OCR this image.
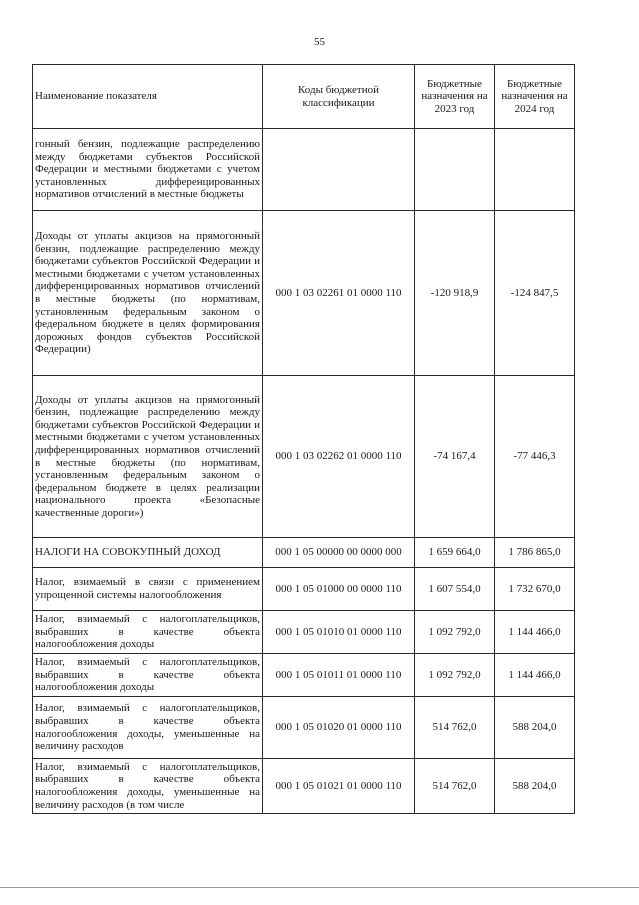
55
Наименование показателя	Коды бюджетной классификации	Бюджетные назначения на 2023 год	Бюджетные назначения на 2024 год
гонный бензин, подлежащие распределению между бюджетами субъектов Российской Федерации и местными бюджетами с учетом установленных дифференцированных нормативов отчислений в местные бюджеты			
Доходы от уплаты акцизов на прямогонный бензин, подлежащие распределению между бюджетами субъектов Российской Федерации и местными бюджетами с учетом установленных дифференцированных нормативов отчислений в местные бюджеты (по нормативам, установленным федеральным законом о федеральном бюджете в целях формирования дорожных фондов субъектов Российской Федерации)	000 1 03 02261 01 0000 110	-120 918,9	-124 847,5
Доходы от уплаты акцизов на прямогонный бензин, подлежащие распределению между бюджетами субъектов Российской Федерации и местными бюджетами с учетом установленных дифференцированных нормативов отчислений в местные бюджеты (по нормативам, установленным федеральным законом о федеральном бюджете в целях реализации национального проекта «Безопасные качественные дороги»)	000 1 03 02262 01 0000 110	-74 167,4	-77 446,3
НАЛОГИ НА СОВОКУПНЫЙ ДОХОД	000 1 05 00000 00 0000 000	1 659 664,0	1 786 865,0
Налог, взимаемый в связи с применением упрощенной системы налогообложения	000 1 05 01000 00 0000 110	1 607 554,0	1 732 670,0
Налог, взимаемый с налогоплательщиков, выбравших в качестве объекта налогообложения доходы	000 1 05 01010 01 0000 110	1 092 792,0	1 144 466,0
Налог, взимаемый с налогоплательщиков, выбравших в качестве объекта налогообложения доходы	000 1 05 01011 01 0000 110	1 092 792,0	1 144 466,0
Налог, взимаемый с налогоплательщиков, выбравших в качестве объекта налогообложения доходы, уменьшенные на величину расходов	000 1 05 01020 01 0000 110	514 762,0	588 204,0
Налог, взимаемый с налогоплательщиков, выбравших в качестве объекта налогообложения доходы, уменьшенные на величину расходов (в том числе	000 1 05 01021 01 0000 110	514 762,0	588 204,0
